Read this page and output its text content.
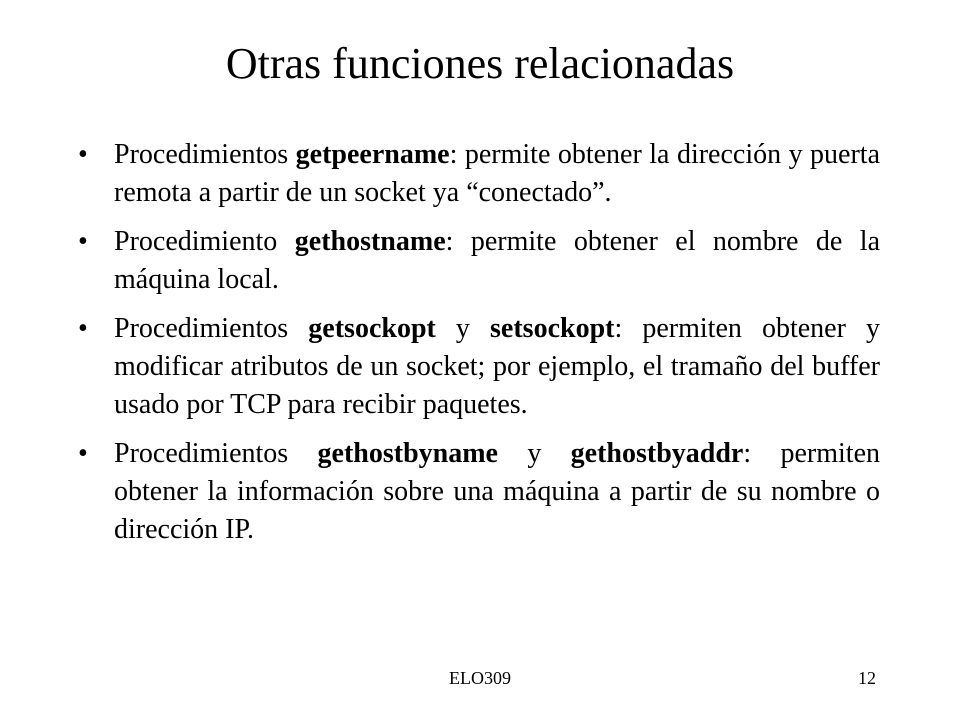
Otras funciones relacionadas
• Procedimientos getpeername: permite obtener la dirección y puerta remota a partir de un socket ya “conectado”.
• Procedimiento gethostname: permite obtener el nombre de la máquina local.
• Procedimientos getsockopt y setsockopt: permiten obtener y modificar atributos de un socket; por ejemplo, el tramaño del buffer usado por TCP para recibir paquetes.
• Procedimientos gethostbyname y gethostbyaddr: permiten obtener la información sobre una máquina a partir de su nombre o dirección IP.
ELO309	12
